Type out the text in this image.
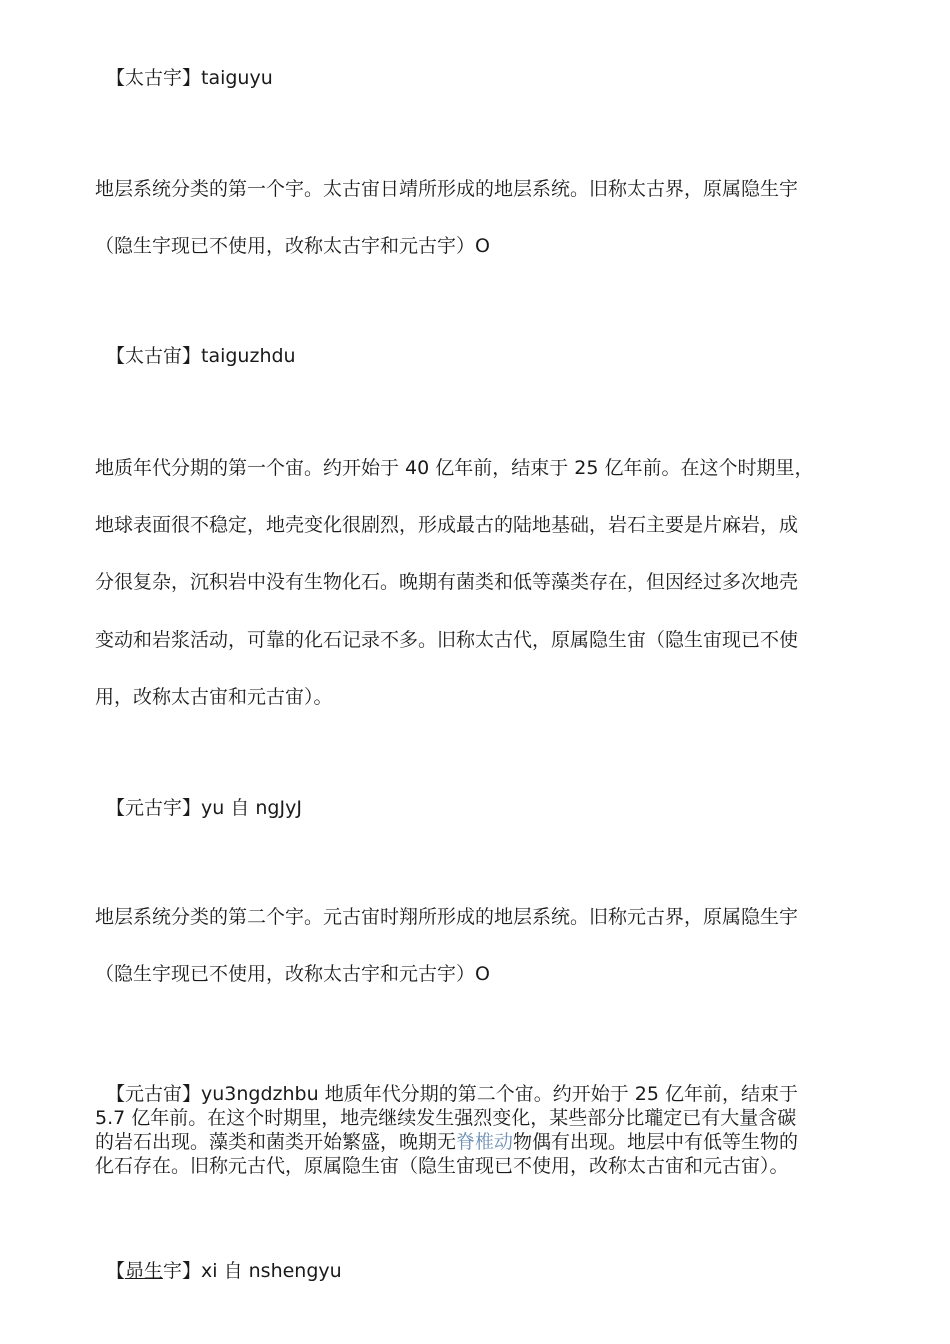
【太古宇】taiguyu
地层系统分类的第一个宇。太古宙日靖所形成的地层系统。旧称太古界，原属隐生宇
（隐生宇现已不使用，改称太古宇和元古宇）O
【太古宙】taiguzhdu
地质年代分期的第一个宙。约开始于 40 亿年前，结束于 25 亿年前。在这个时期里，
地球表面很不稳定，地壳变化很剧烈，形成最古的陆地基础，岩石主要是片麻岩，成
分很复杂，沉积岩中没有生物化石。晚期有菌类和低等藻类存在，但因经过多次地壳
变动和岩浆活动，可靠的化石记录不多。旧称太古代，原属隐生宙（隐生宙现已不使
用，改称太古宙和元古宙）。
【元古宇】yu 自 ngJyJ
地层系统分类的第二个宇。元古宙时翔所形成的地层系统。旧称元古界，原属隐生宇
（隐生宇现已不使用，改称太古宇和元古宇）O
【元古宙】yu3ngdzhbu 地质年代分期的第二个宙。约开始于 25 亿年前，结束于
5.7 亿年前。在这个时期里，地壳继续发生强烈变化，某些部分比瓏定已有大量含碳
的岩石出现。藻类和菌类开始繁盛，晚期无脊椎动物偶有出现。地层中有低等生物的
化石存在。旧称元古代，原属隐生宙（隐生宙现已不使用，改称太古宙和元古宙）。
【昴生宇】xi 自 nshengyu
